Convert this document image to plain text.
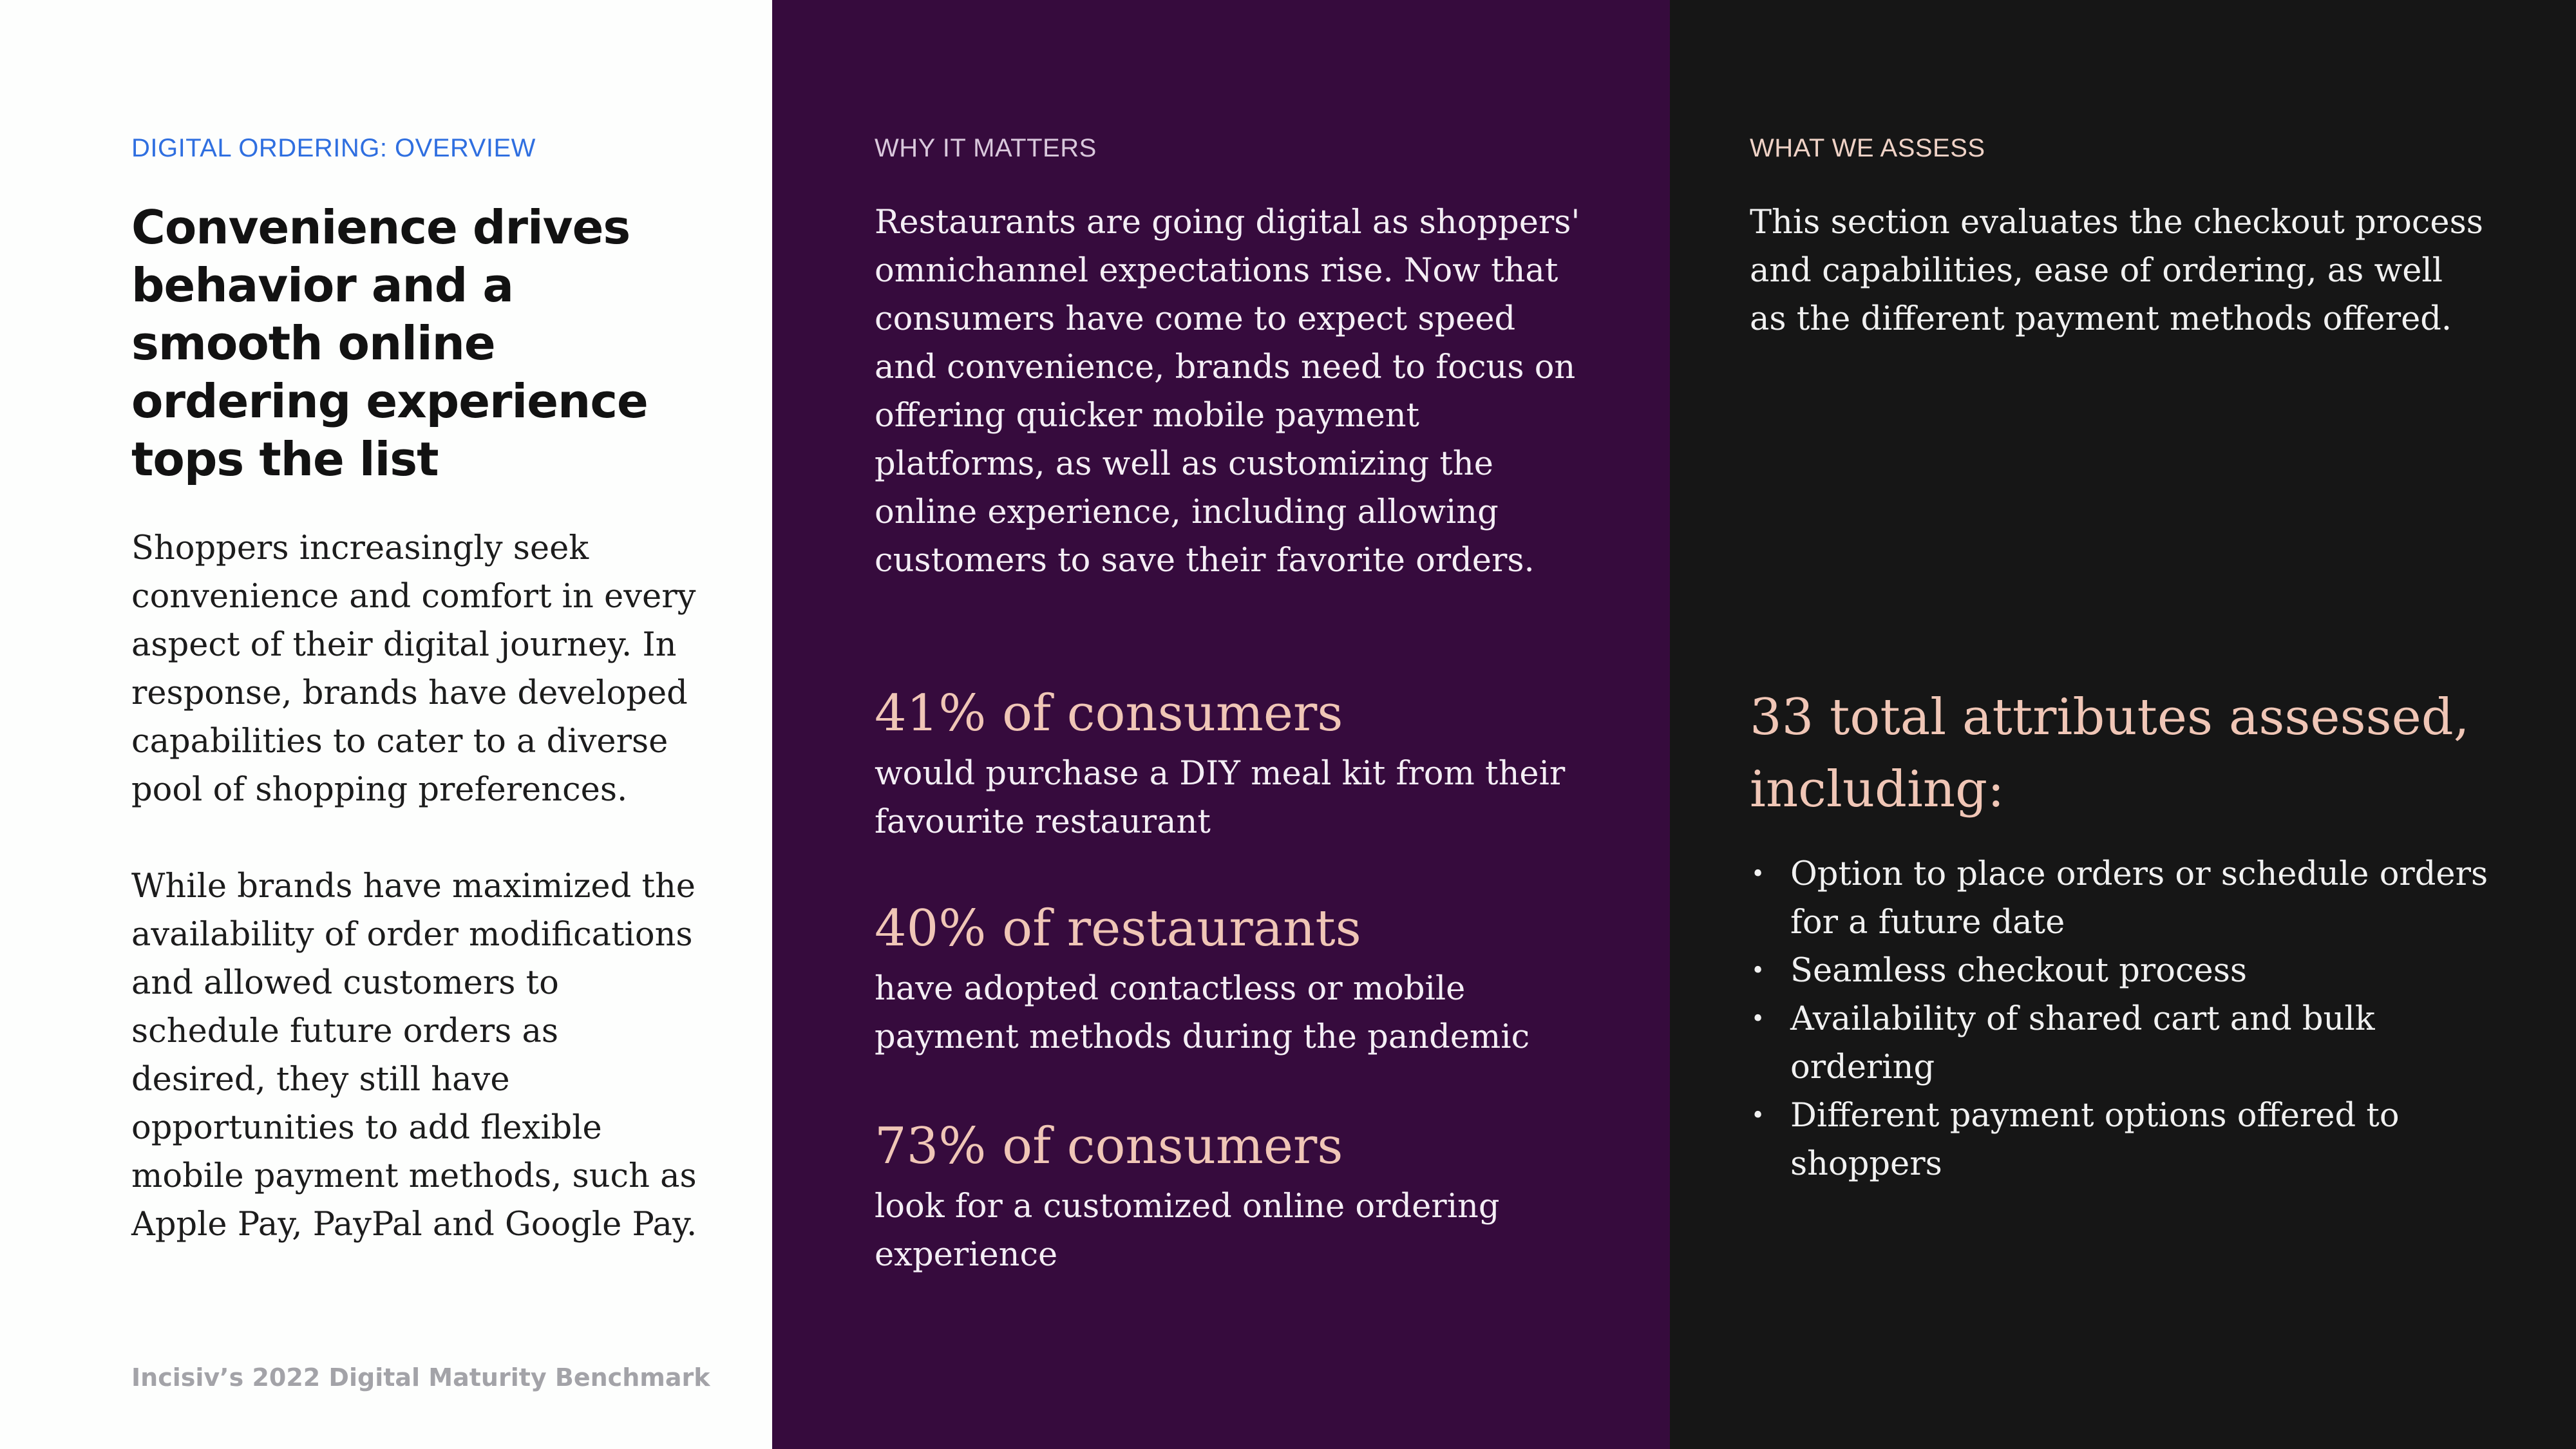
DIGITAL ORDERING: OVERVIEW
Convenience drives behavior and a smooth online ordering experience tops the list
Shoppers increasingly seek convenience and comfort in every aspect of their digital journey. In response, brands have developed capabilities to cater to a diverse pool of shopping preferences.
While brands have maximized the availability of order modifications and allowed customers to schedule future orders as desired, they still have opportunities to add flexible mobile payment methods, such as Apple Pay, PayPal and Google Pay.
Incisiv’s 2022 Digital Maturity Benchmark
WHY IT MATTERS
Restaurants are going digital as shoppers' omnichannel expectations rise. Now that consumers have come to expect speed and convenience, brands need to focus on offering quicker mobile payment platforms, as well as customizing the online experience, including allowing customers to save their favorite orders.
41% of consumers
would purchase a DIY meal kit from their favourite restaurant
40% of restaurants
have adopted contactless or mobile payment methods during the pandemic
73% of consumers
look for a customized online ordering experience
WHAT WE ASSESS
This section evaluates the checkout process and capabilities, ease of ordering, as well as the different payment methods offered.
33 total attributes assessed, including:
• Option to place orders or schedule orders for a future date
• Seamless checkout process
• Availability of shared cart and bulk ordering
• Different payment options offered to shoppers
